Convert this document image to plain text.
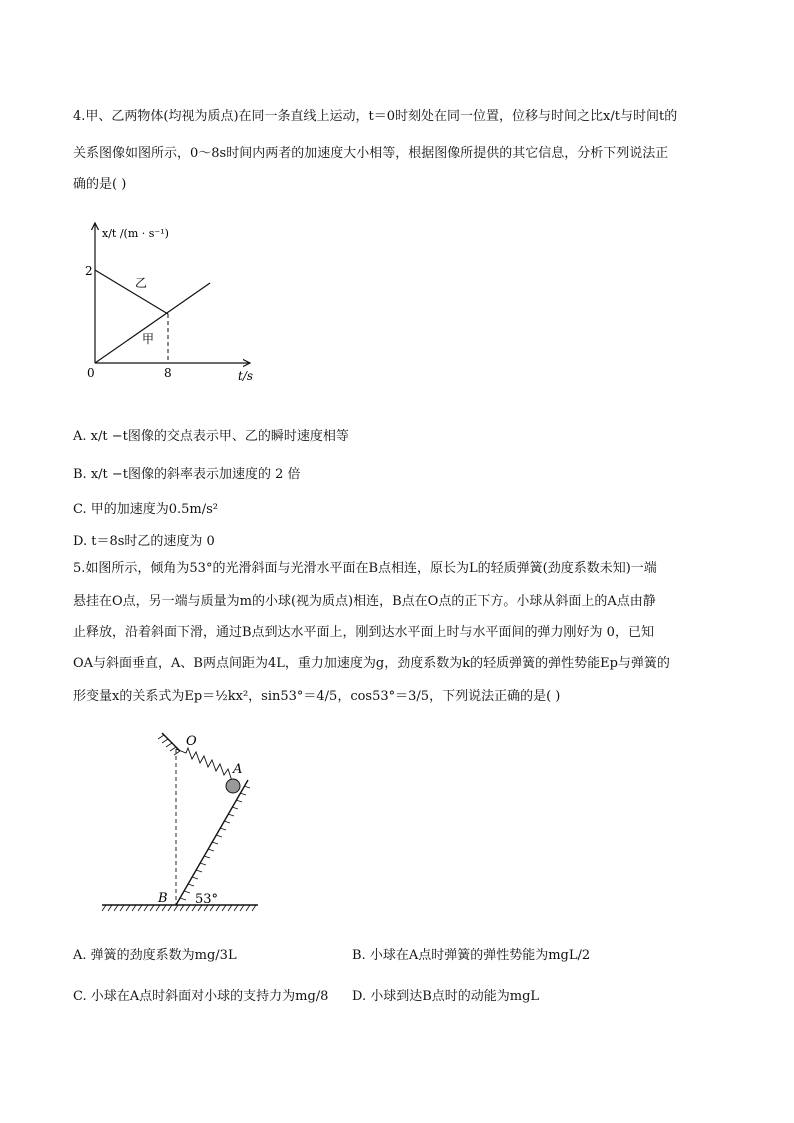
4.甲、乙两物体(均视为质点)在同一条直线上运动，t＝0时刻处在同一位置，位移与时间之比x/t与时间t的
关系图像如图所示，0～8s时间内两者的加速度大小相等，根据图像所提供的其它信息，分析下列说法正
确的是( )
x/t /(m · s⁻¹)
2
乙
甲
0	8	t/s
A. x/t −t图像的交点表示甲、乙的瞬时速度相等
B. x/t −t图像的斜率表示加速度的 2 倍
C. 甲的加速度为0.5m/s²
D. t＝8s时乙的速度为 0
5.如图所示，倾角为53°的光滑斜面与光滑水平面在B点相连，原长为L的轻质弹簧(劲度系数未知)一端
悬挂在O点，另一端与质量为m的小球(视为质点)相连，B点在O点的正下方。小球从斜面上的A点由静
止释放，沿着斜面下滑，通过B点到达水平面上，刚到达水平面上时与水平面间的弹力刚好为 0，已知
OA与斜面垂直，A、B两点间距为4L，重力加速度为g，劲度系数为k的轻质弹簧的弹性势能Ep与弹簧的
形变量x的关系式为Ep＝½kx²，sin53°＝4/5，cos53°＝3/5，下列说法正确的是( )
O
A
B 53°
A. 弹簧的劲度系数为mg/3L	B. 小球在A点时弹簧的弹性势能为mgL/2
C. 小球在A点时斜面对小球的支持力为mg/8 D. 小球到达B点时的动能为mgL
